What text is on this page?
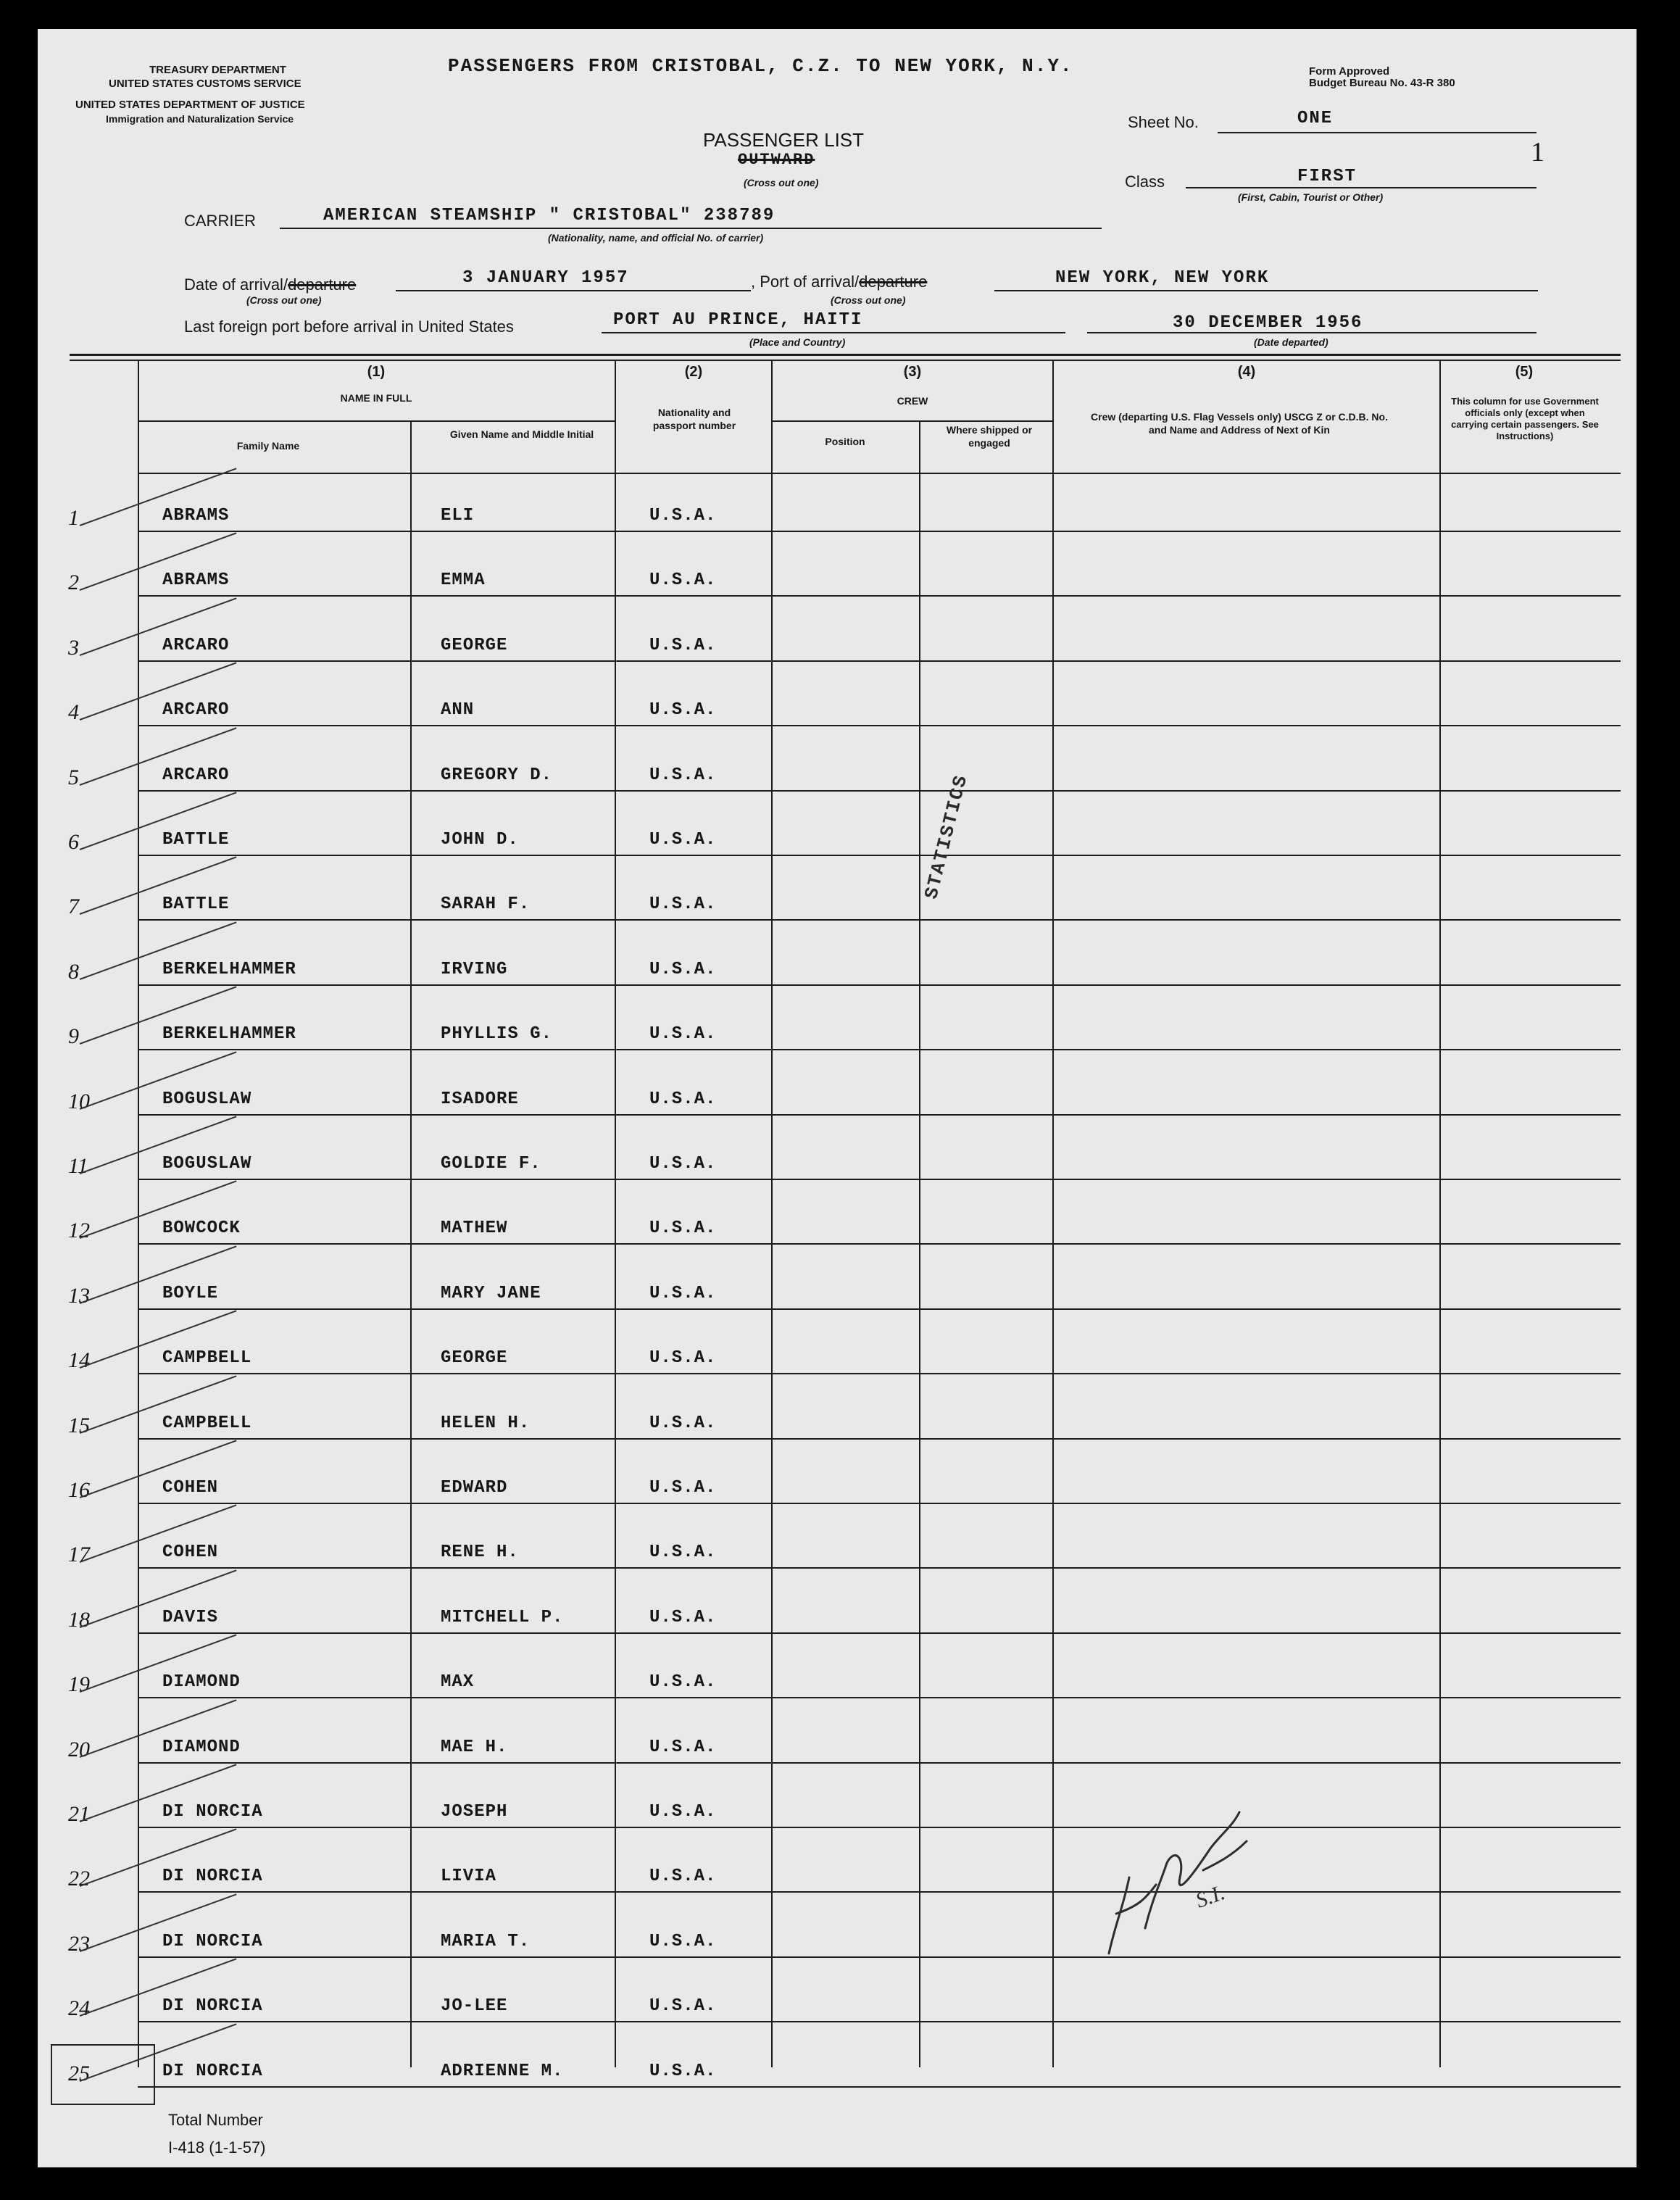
TREASURY DEPARTMENT
UNITED STATES CUSTOMS SERVICE
UNITED STATES DEPARTMENT OF JUSTICE
Immigration and Naturalization Service
PASSENGERS FROM CRISTOBAL, C.Z. TO NEW YORK, N.Y.	Form Approved
Budget Bureau No. 43-R 380
Sheet No.	ONE
1
PASSENGER LIST
OUTWARD
(Cross out one)	Class	FIRST
(First, Cabin, Tourist or Other)
CARRIER	AMERICAN STEAMSHIP " CRISTOBAL" 238789
(Nationality, name, and official No. of carrier)
Date of arrival/departure	3 JANUARY 1957
(Cross out one)
, Port of arrival/departure	NEW YORK, NEW YORK
(Cross out one)
Last foreign port before arrival in United States	PORT AU PRINCE, HAITI
(Place and Country)
30 DECEMBER 1956
(Date departed)
(1)
NAME IN FULL
Family Name
Given Name and Middle Initial
(2)
Nationality and passport number
(3)
CREW
Position
Where shipped or engaged
(4)
Crew (departing U.S. Flag Vessels only) USCG Z or C.D.B. No. and Name and Address of Next of Kin
(5)
This column for use Government officials only (except when carrying certain passengers. See Instructions)
1	ABRAMS	ELI	U.S.A.
2	ABRAMS	EMMA	U.S.A.
3	ARCARO	GEORGE	U.S.A.
4	ARCARO	ANN	U.S.A.
5	ARCARO	GREGORY D.	U.S.A.
6	BATTLE	JOHN D.	U.S.A.
7	BATTLE	SARAH F.	U.S.A.
8	BERKELHAMMER	IRVING	U.S.A.
9	BERKELHAMMER	PHYLLIS G.	U.S.A.
10	BOGUSLAW	ISADORE	U.S.A.
11	BOGUSLAW	GOLDIE F.	U.S.A.
12	BOWCOCK	MATHEW	U.S.A.
13	BOYLE	MARY JANE	U.S.A.
14	CAMPBELL	GEORGE	U.S.A.
15	CAMPBELL	HELEN H.	U.S.A.
16	COHEN	EDWARD	U.S.A.
17	COHEN	RENE H.	U.S.A.
18	DAVIS	MITCHELL P.	U.S.A.
19	DIAMOND	MAX	U.S.A.
20	DIAMOND	MAE H.	U.S.A.
21	DI NORCIA	JOSEPH	U.S.A.
22	DI NORCIA	LIVIA	U.S.A.
23	DI NORCIA	MARIA T.	U.S.A.
24	DI NORCIA	JO-LEE	U.S.A.
25	DI NORCIA	ADRIENNE M.	U.S.A.
STATISTICS
S.I.
Total Number
I-418 (1-1-57)
